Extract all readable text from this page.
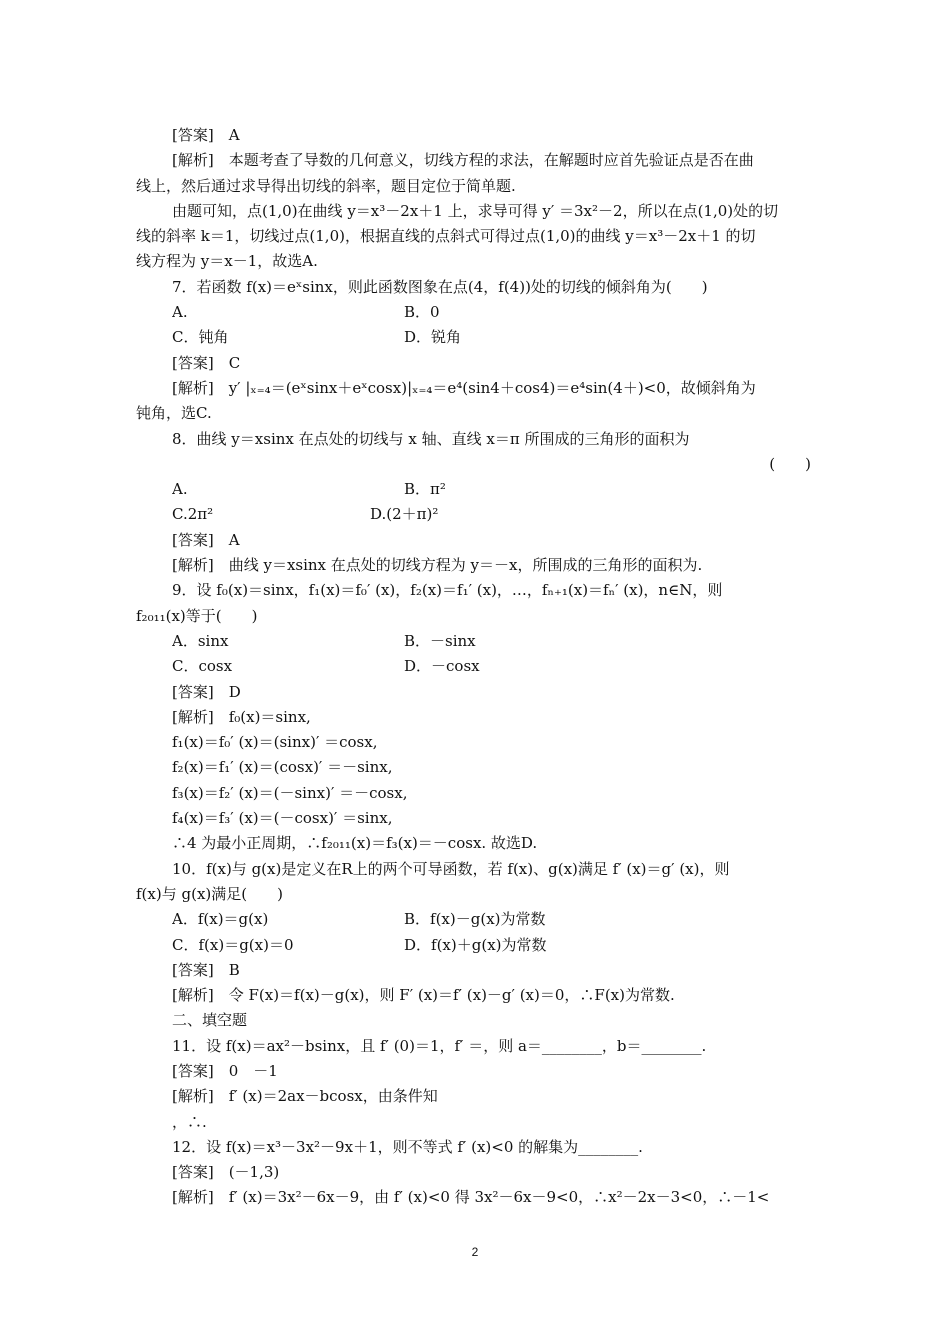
[答案]　A
[解析]　本题考查了导数的几何意义，切线方程的求法，在解题时应首先验证点是否在曲
线上，然后通过求导得出切线的斜率，题目定位于简单题.
由题可知，点(1,0)在曲线 y＝x³－2x＋1 上，求导可得 y′ ＝3x²－2，所以在点(1,0)处的切
线的斜率 k＝1，切线过点(1,0)，根据直线的点斜式可得过点(1,0)的曲线 y＝x³－2x＋1 的切
线方程为 y＝x－1，故选A.
7．若函数 f(x)＝eˣsinx，则此函数图象在点(4，f(4))处的切线的倾斜角为(　　)
A.	B．0
C．钝角	D．锐角
[答案]　C
[解析]　y′ |ₓ₌₄＝(eˣsinx＋eˣcosx)|ₓ₌₄＝e⁴(sin4＋cos4)＝e⁴sin(4＋)<0，故倾斜角为
钝角，选C.
8．曲线 y＝xsinx 在点处的切线与 x 轴、直线 x＝π 所围成的三角形的面积为
(　　)
A.	B．π²
C.2π²	D.(2＋π)²
[答案]　A
[解析]　曲线 y＝xsinx 在点处的切线方程为 y＝－x，所围成的三角形的面积为.
9．设 f₀(x)＝sinx，f₁(x)＝f₀′ (x)，f₂(x)＝f₁′ (x)，…，fₙ₊₁(x)＝fₙ′ (x)，n∈N，则
f₂₀₁₁(x)等于(　　)
A．sinx	B．－sinx
C．cosx	D．－cosx
[答案]　D
[解析]　f₀(x)＝sinx,
f₁(x)＝f₀′ (x)＝(sinx)′ ＝cosx,
f₂(x)＝f₁′ (x)＝(cosx)′ ＝－sinx,
f₃(x)＝f₂′ (x)＝(－sinx)′ ＝－cosx,
f₄(x)＝f₃′ (x)＝(－cosx)′ ＝sinx,
∴4 为最小正周期，∴f₂₀₁₁(x)＝f₃(x)＝－cosx. 故选D.
10．f(x)与 g(x)是定义在R上的两个可导函数，若 f(x)、g(x)满足 f′ (x)＝g′ (x)，则
f(x)与 g(x)满足(　　)
A．f(x)＝g(x)	B．f(x)－g(x)为常数
C．f(x)＝g(x)＝0	D．f(x)＋g(x)为常数
[答案]　B
[解析]　令 F(x)＝f(x)－g(x)，则 F′ (x)＝f′ (x)－g′ (x)＝0，∴F(x)为常数.
二、填空题
11．设 f(x)＝ax²－bsinx，且 f′ (0)＝1，f′ ＝，则 a＝________，b＝________.
[答案]　0　－1
[解析]　f′ (x)＝2ax－bcosx，由条件知
，∴.
12．设 f(x)＝x³－3x²－9x＋1，则不等式 f′ (x)<0 的解集为________.
[答案]　(－1,3)
[解析]　f′ (x)＝3x²－6x－9，由 f′ (x)<0 得 3x²－6x－9<0，∴x²－2x－3<0，∴－1<
2
